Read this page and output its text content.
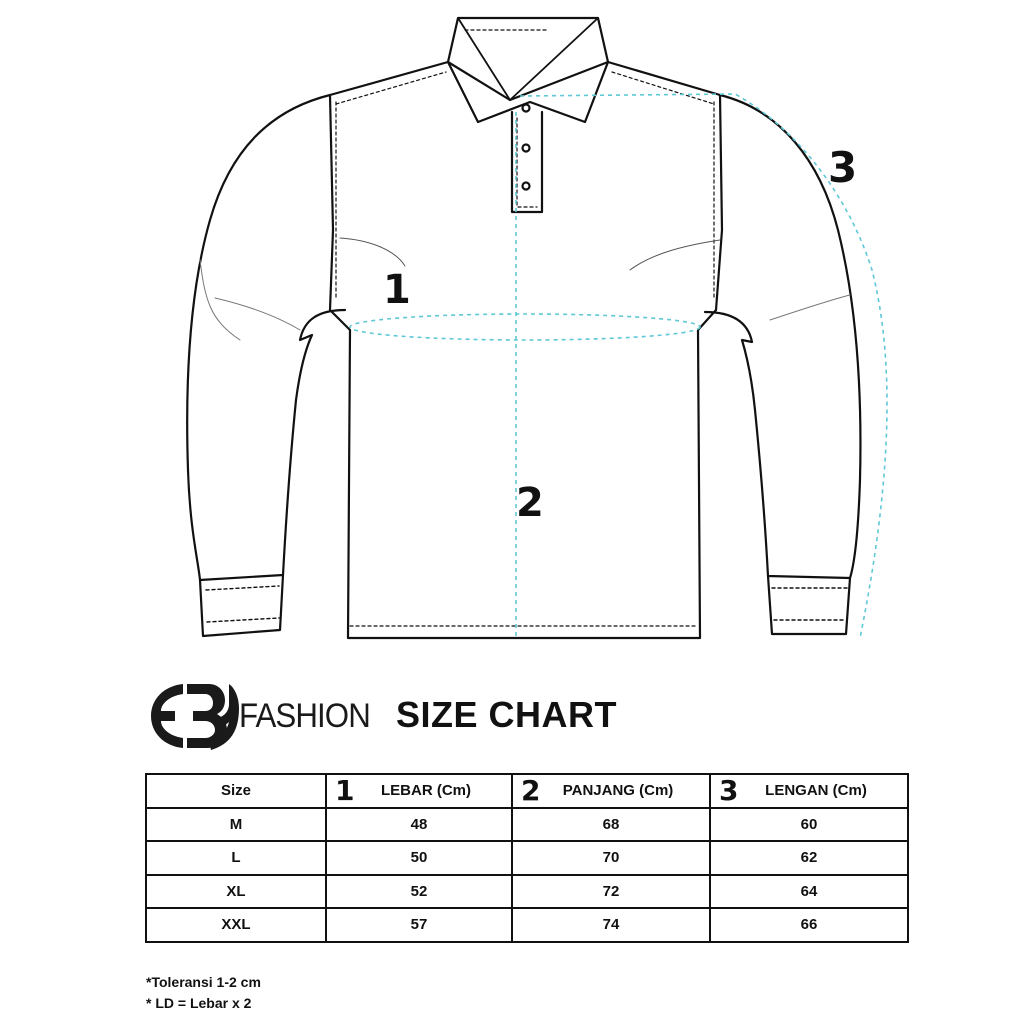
1
2
3
FASHION SIZE CHART
Size	1 LEBAR (Cm)	2 PANJANG (Cm)	3 LENGAN (Cm)

M	48	68	60
L	50	70	62
XL	52	72	64
XXL	57	74	66
*Toleransi 1-2 cm
* LD = Lebar x 2
